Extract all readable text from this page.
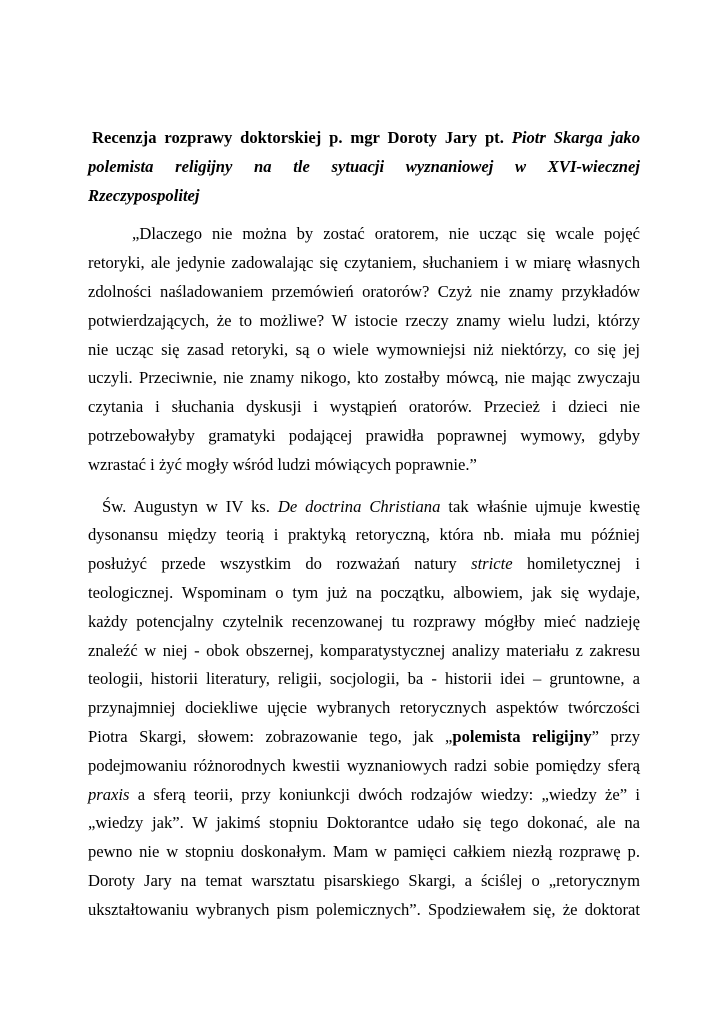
Recenzja rozprawy doktorskiej p. mgr Doroty Jary pt. Piotr Skarga jako
polemista religijny na tle sytuacji wyznaniowej w XVI-wiecznej
Rzeczypospolitej
„Dlaczego nie można by zostać oratorem, nie ucząc się wcale pojęć
retoryki, ale jedynie zadowalając się czytaniem, słuchaniem i w miarę własnych
zdolności naśladowaniem przemówień oratorów? Czyż nie znamy przykładów
potwierdzających, że to możliwe? W istocie rzeczy znamy wielu ludzi, którzy
nie ucząc się zasad retoryki, są o wiele wymowniejsi niż niektórzy, co się jej
uczyli. Przeciwnie, nie znamy nikogo, kto zostałby mówcą, nie mając zwyczaju
czytania i słuchania dyskusji i wystąpień oratorów. Przecież i dzieci nie
potrzebowałyby gramatyki podającej prawidła poprawnej wymowy, gdyby
wzrastać i żyć mogły wśród ludzi mówiących poprawnie.”
Św. Augustyn w IV ks. De doctrina Christiana tak właśnie ujmuje kwestię
dysonansu między teorią i praktyką retoryczną, która nb. miała mu później
posłużyć przede wszystkim do rozważań natury stricte homiletycznej i
teologicznej. Wspominam o tym już na początku, albowiem, jak się wydaje,
każdy potencjalny czytelnik recenzowanej tu rozprawy mógłby mieć nadzieję
znaleźć w niej - obok obszernej, komparatystycznej analizy materiału z zakresu
teologii, historii literatury, religii, socjologii, ba - historii idei – gruntowne, a
przynajmniej dociekliwe ujęcie wybranych retorycznych aspektów twórczości
Piotra Skargi, słowem: zobrazowanie tego, jak „polemista religijny” przy
podejmowaniu różnorodnych kwestii wyznaniowych radzi sobie pomiędzy sferą
praxis a sferą teorii, przy koniunkcji dwóch rodzajów wiedzy: „wiedzy że” i
„wiedzy jak”. W jakimś stopniu Doktorantce udało się tego dokonać, ale na
pewno nie w stopniu doskonałym. Mam w pamięci całkiem niezłą rozprawę p.
Doroty Jary na temat warsztatu pisarskiego Skargi, a ściślej o „retorycznym
ukształtowaniu wybranych pism polemicznych”. Spodziewałem się, że doktorat
